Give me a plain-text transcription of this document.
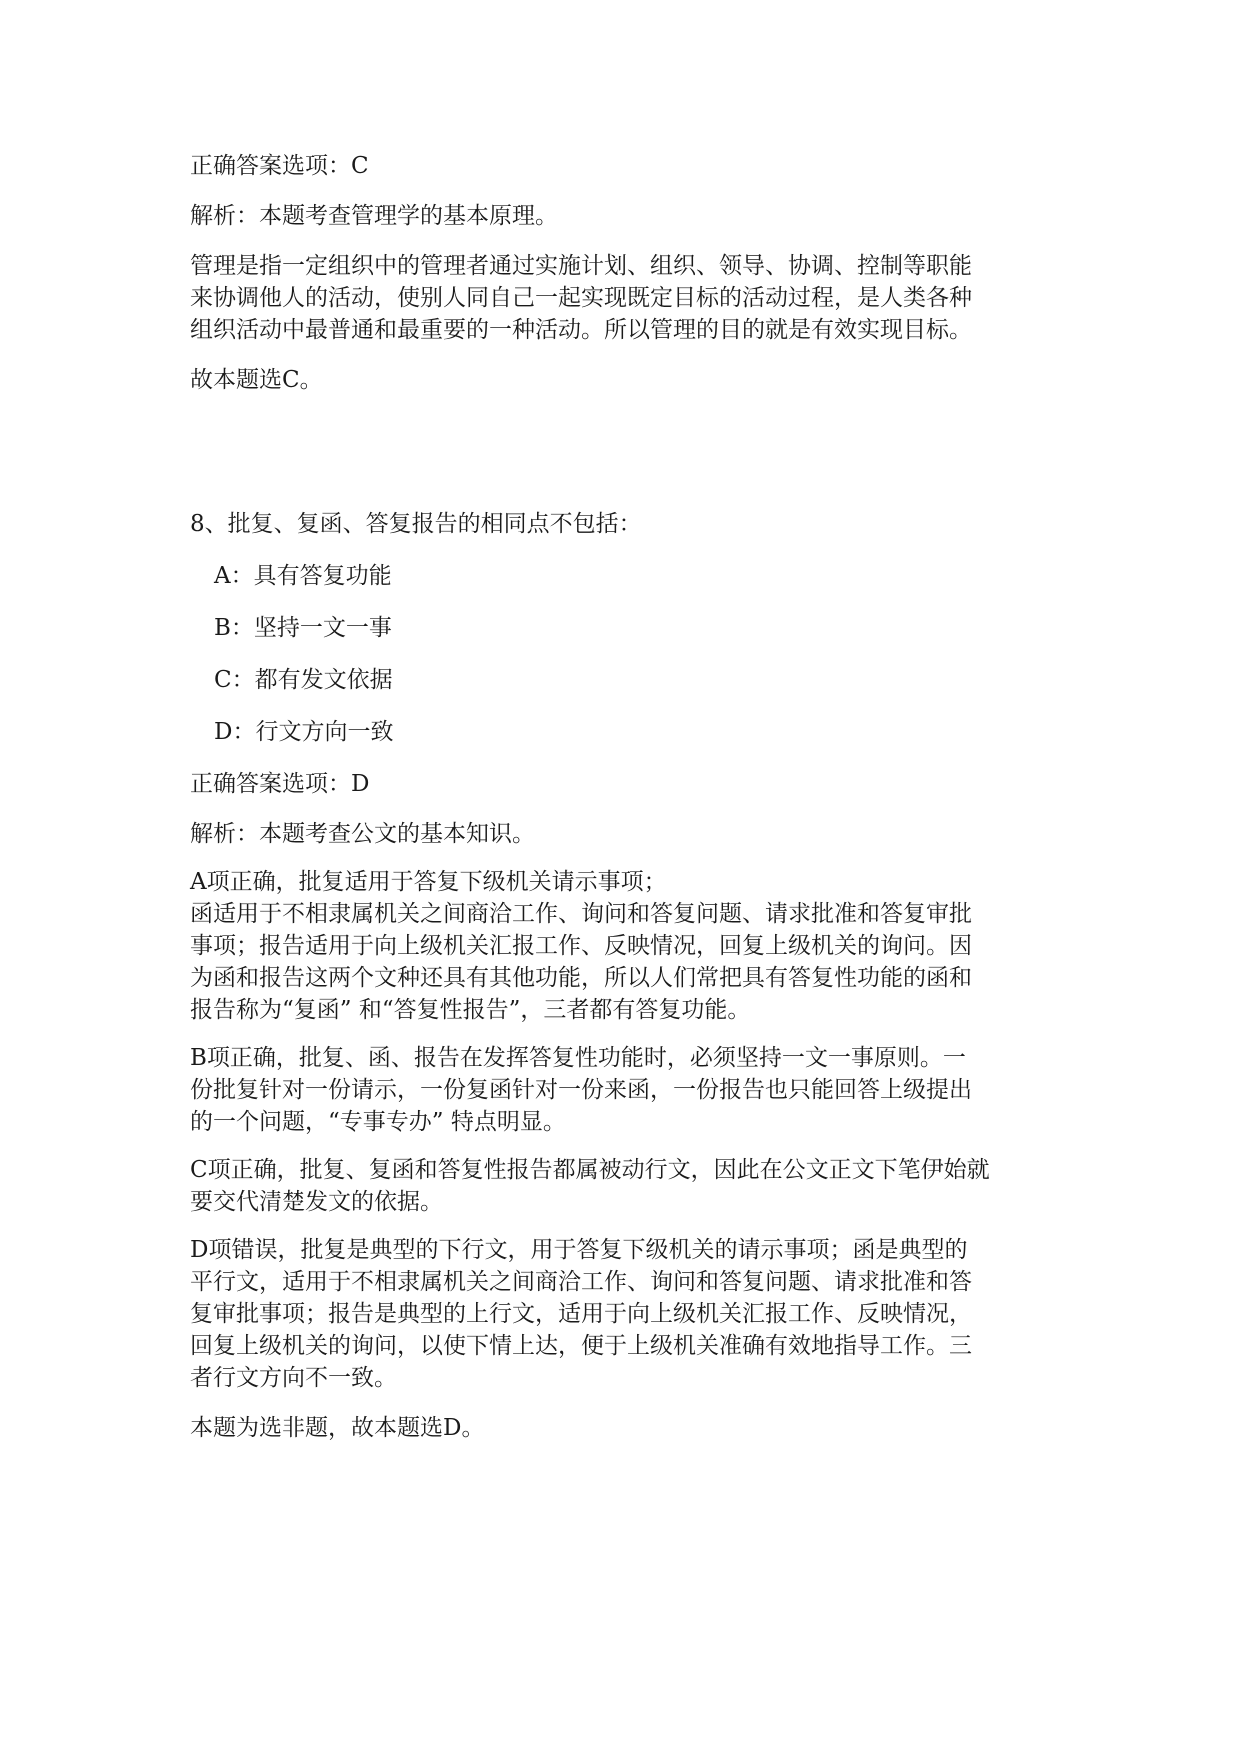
正确答案选项：C

解析：本题考查管理学的基本原理。

管理是指一定组织中的管理者通过实施计划、组织、领导、协调、控制等职能
来协调他人的活动，使别人同自己一起实现既定目标的活动过程，是人类各种
组织活动中最普通和最重要的一种活动。所以管理的目的就是有效实现目标。

故本题选C。

8、批复、复函、答复报告的相同点不包括：

A：具有答复功能

B：坚持一文一事

C：都有发文依据

D：行文方向一致

正确答案选项：D

解析：本题考查公文的基本知识。

A项正确，批复适用于答复下级机关请示事项；
函适用于不相隶属机关之间商洽工作、询问和答复问题、请求批准和答复审批
事项；报告适用于向上级机关汇报工作、反映情况，回复上级机关的询问。因
为函和报告这两个文种还具有其他功能，所以人们常把具有答复性功能的函和
报告称为“复函” 和“答复性报告”，三者都有答复功能。
B项正确，批复、函、报告在发挥答复性功能时，必须坚持一文一事原则。一
份批复针对一份请示，一份复函针对一份来函，一份报告也只能回答上级提出
的一个问题，“专事专办” 特点明显。
C项正确，批复、复函和答复性报告都属被动行文，因此在公文正文下笔伊始就
要交代清楚发文的依据。
D项错误，批复是典型的下行文，用于答复下级机关的请示事项；函是典型的
平行文，适用于不相隶属机关之间商洽工作、询问和答复问题、请求批准和答
复审批事项；报告是典型的上行文，适用于向上级机关汇报工作、反映情况，
回复上级机关的询问，以使下情上达，便于上级机关准确有效地指导工作。三
者行文方向不一致。

本题为选非题，故本题选D。
